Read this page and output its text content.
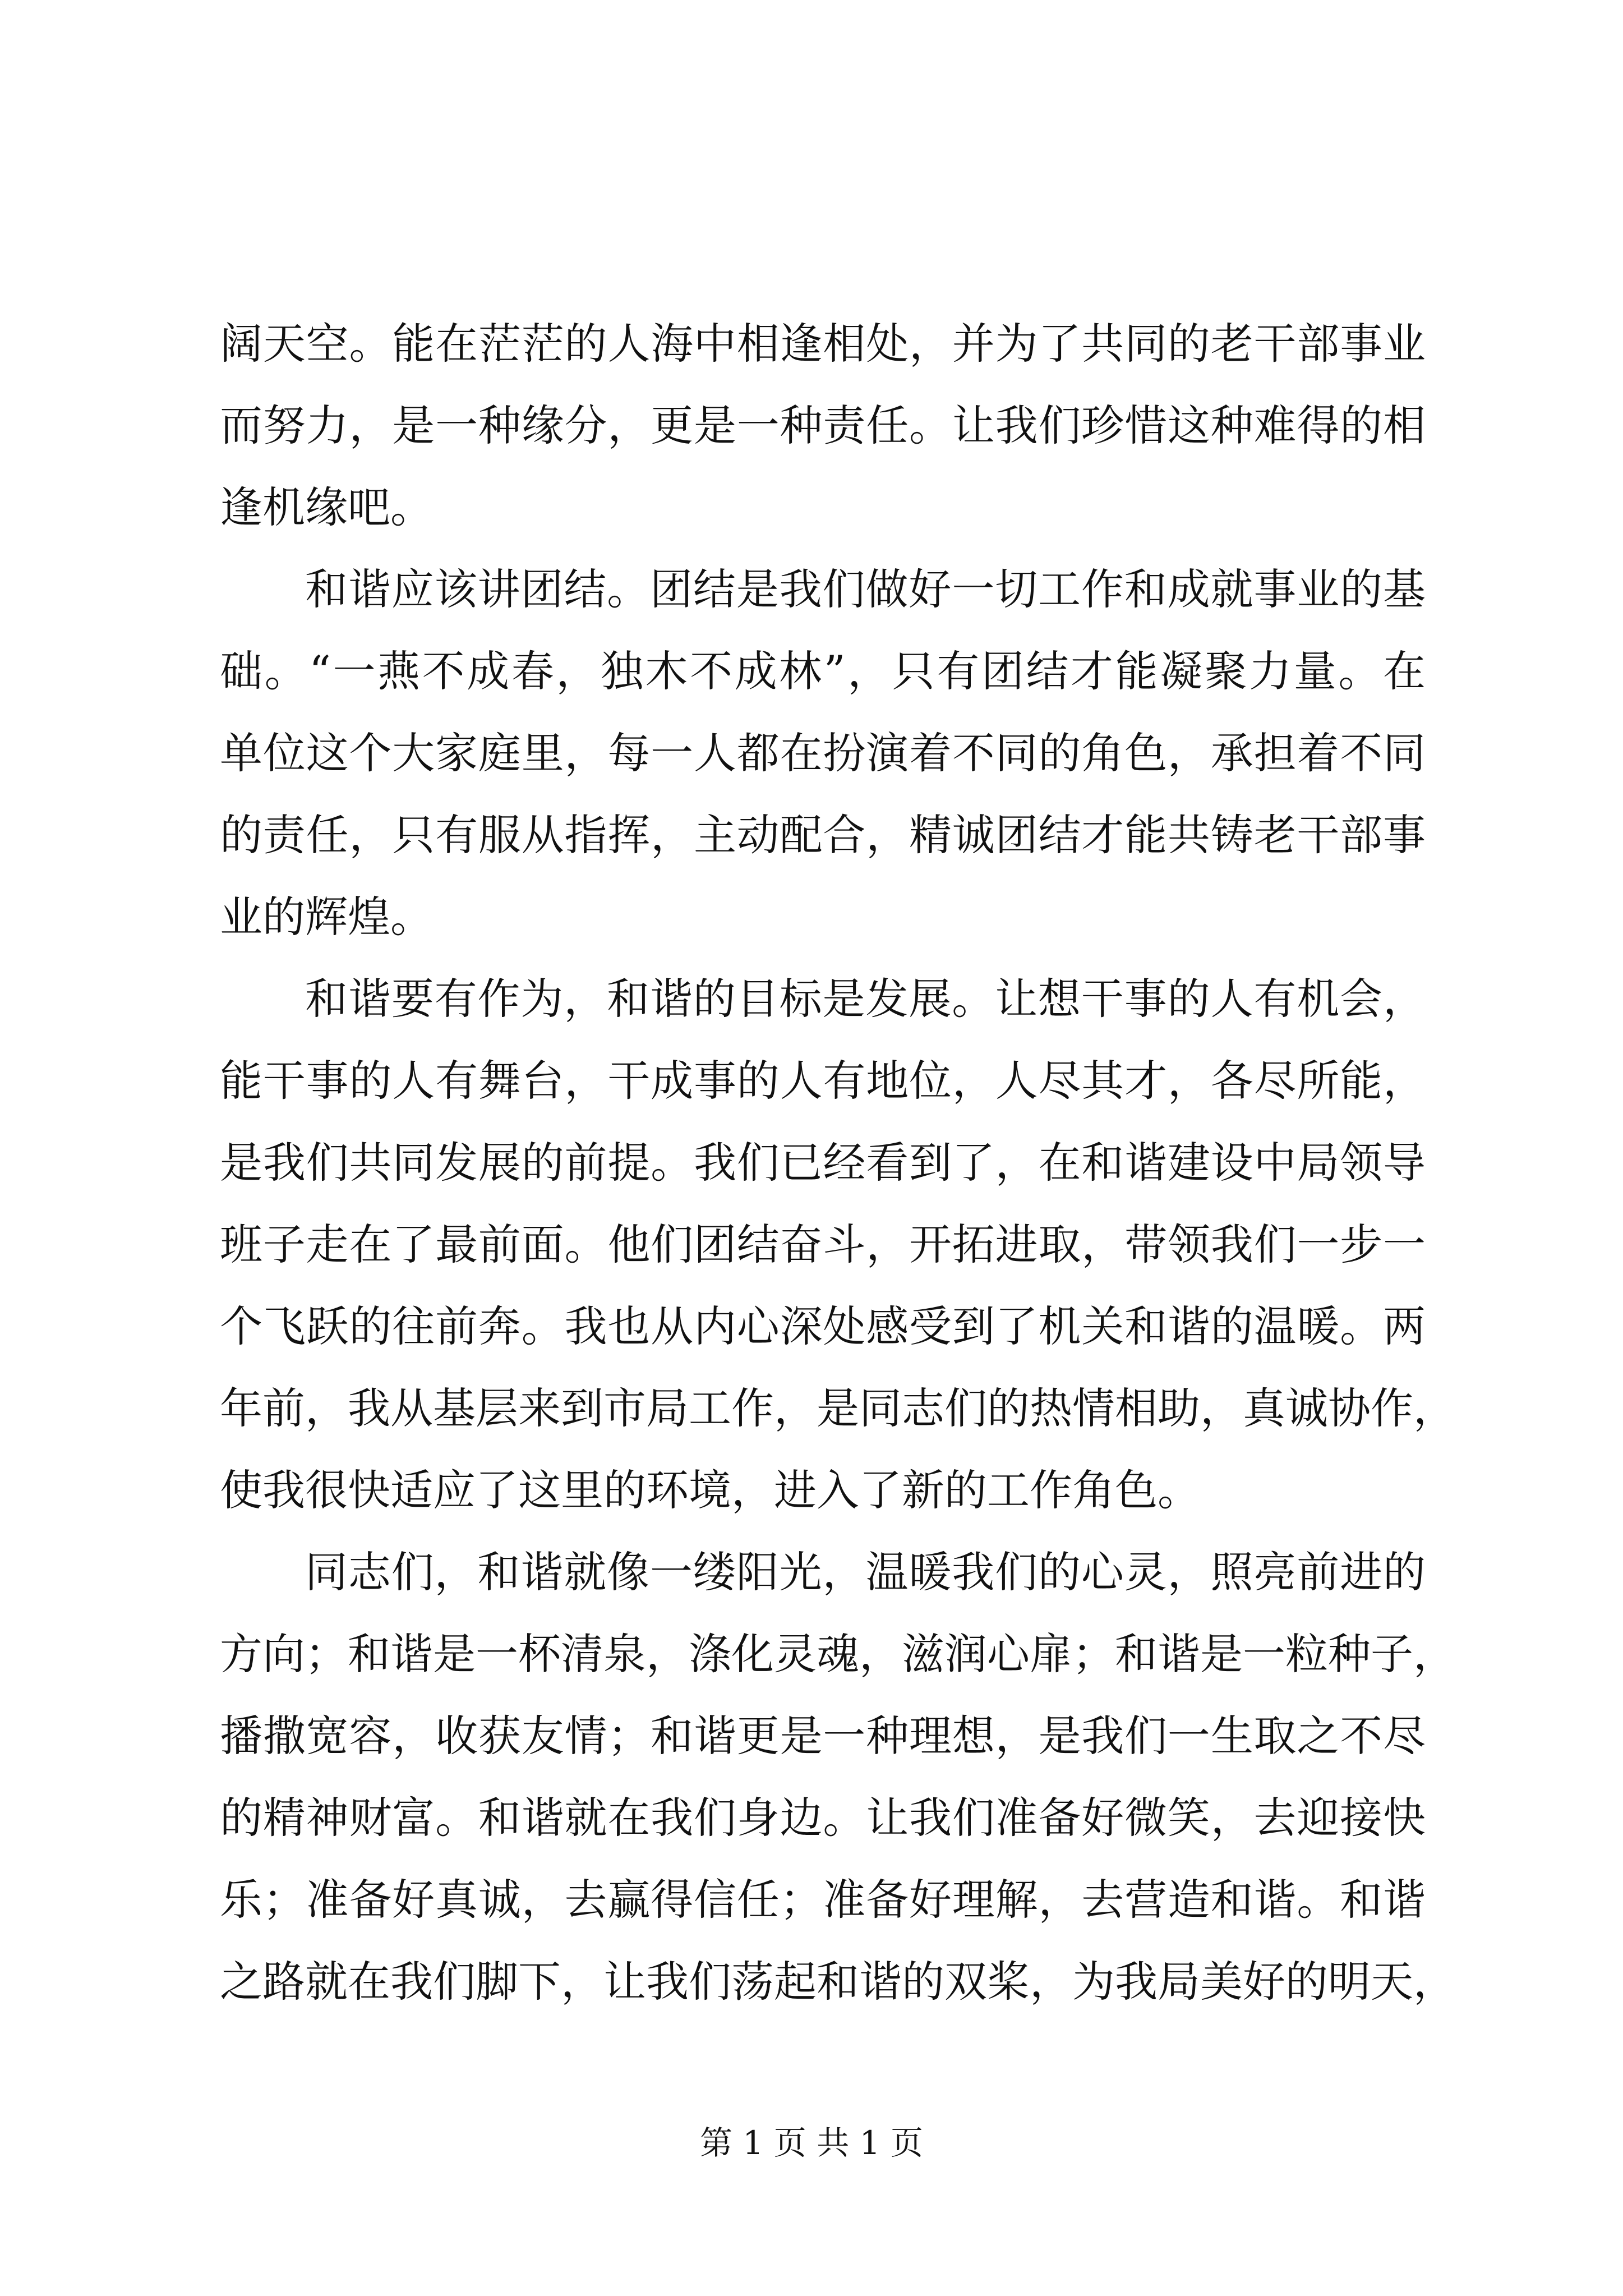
阔天空。能在茫茫的人海中相逢相处，并为了共同的老干部事业
而努力，是一种缘分，更是一种责任。让我们珍惜这种难得的相
逢机缘吧。
和谐应该讲团结。团结是我们做好一切工作和成就事业的基
础。“一燕不成春，独木不成林”，只有团结才能凝聚力量。在
单位这个大家庭里，每一人都在扮演着不同的角色，承担着不同
的责任，只有服从指挥，主动配合，精诚团结才能共铸老干部事
业的辉煌。
和谐要有作为，和谐的目标是发展。让想干事的人有机会，
能干事的人有舞台，干成事的人有地位，人尽其才，各尽所能，
是我们共同发展的前提。我们已经看到了，在和谐建设中局领导
班子走在了最前面。他们团结奋斗，开拓进取，带领我们一步一
个飞跃的往前奔。我也从内心深处感受到了机关和谐的温暖。两
年前，我从基层来到市局工作，是同志们的热情相助，真诚协作，
使我很快适应了这里的环境，进入了新的工作角色。
同志们，和谐就像一缕阳光，温暖我们的心灵，照亮前进的
方向；和谐是一杯清泉，涤化灵魂，滋润心扉；和谐是一粒种子，
播撒宽容，收获友情；和谐更是一种理想，是我们一生取之不尽
的精神财富。和谐就在我们身边。让我们准备好微笑，去迎接快
乐；准备好真诚，去赢得信任；准备好理解，去营造和谐。和谐
之路就在我们脚下，让我们荡起和谐的双桨，为我局美好的明天，
第 1 页 共 1 页
